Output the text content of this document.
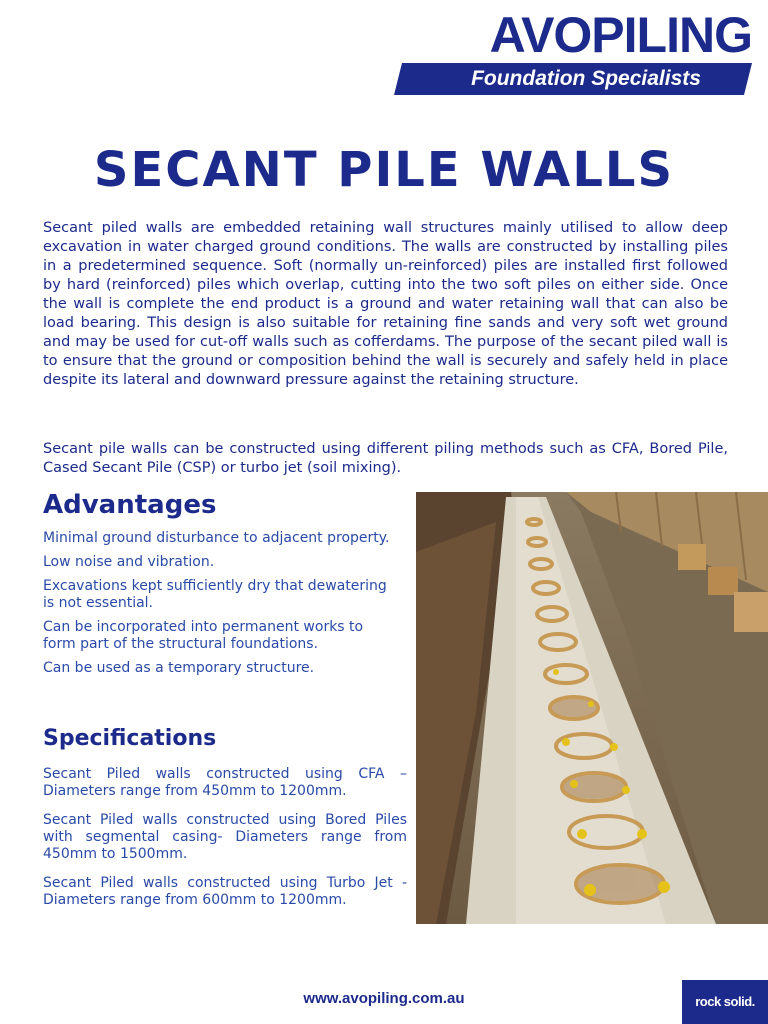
AVOPILING
Foundation Specialists
SECANT PILE WALLS

Secant piled walls are embedded retaining wall structures mainly utilised to allow deep excavation in water charged ground conditions. The walls are constructed by installing piles in a predetermined sequence. Soft (normally un-reinforced) piles are installed first followed by hard (reinforced) piles which overlap, cutting into the two soft piles on either side. Once the wall is complete the end product is a ground and water retaining wall that can also be load bearing. This design is also suitable for retaining fine sands and very soft wet ground and may be used for cut-off walls such as cofferdams. The purpose of the secant piled wall is to ensure that the ground or composition behind the wall is securely and safely held in place despite its lateral and downward pressure against the retaining structure.

Secant pile walls can be constructed using different piling methods such as CFA, Bored Pile, Cased Secant Pile (CSP) or turbo jet (soil mixing).

Advantages
Minimal ground disturbance to adjacent property.
Low noise and vibration.
Excavations kept sufficiently dry that dewatering is not essential.
Can be incorporated into permanent works to form part of the structural foundations.
Can be used as a temporary structure.
Specifications
Secant Piled walls constructed using CFA – Diameters range from 450mm to 1200mm.
Secant Piled walls constructed using Bored Piles with segmental casing- Diameters range from 450mm to 1500mm.
Secant Piled walls constructed using Turbo Jet - Diameters range from 600mm to 1200mm.
www.avopiling.com.au	rock solid.
